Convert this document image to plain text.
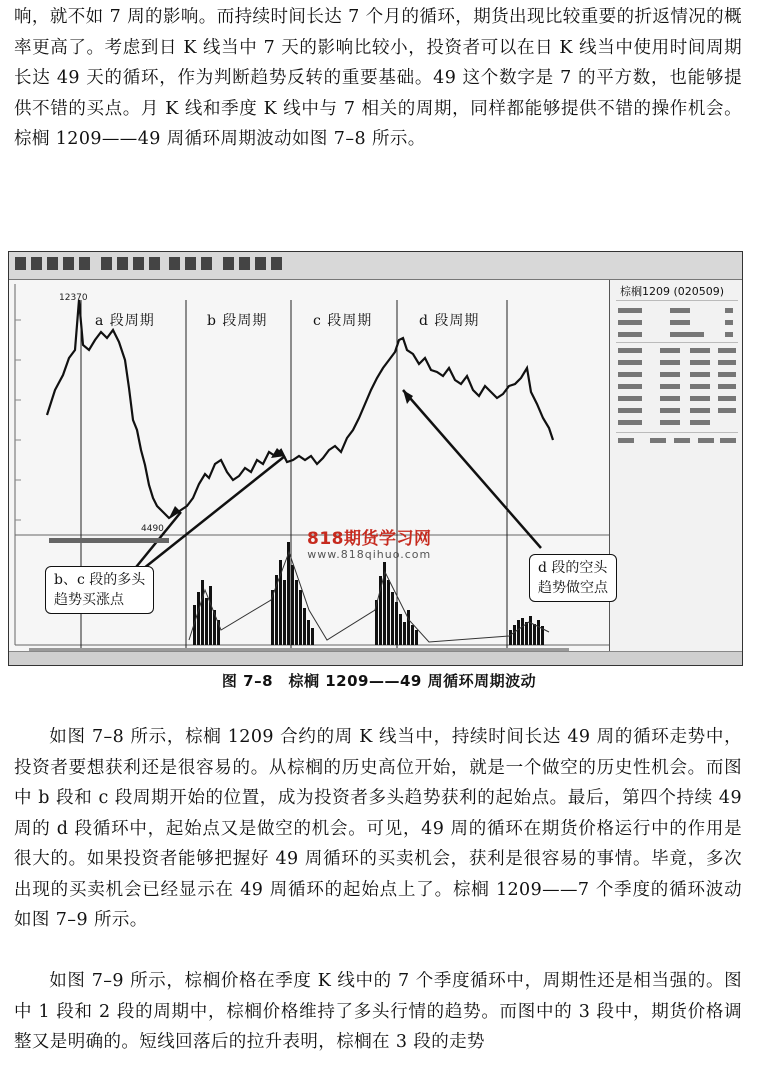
响，就不如 7 周的影响。而持续时间长达 7 个月的循环，期货出现比较重要的折返情况的概率更高了。考虑到日 K 线当中 7 天的影响比较小，投资者可以在日 K 线当中使用时间周期长达 49 天的循环，作为判断趋势反转的重要基础。49 这个数字是 7 的平方数，也能够提供不错的买点。月 K 线和季度 K 线中与 7 相关的周期，同样都能够提供不错的操作机会。棕榈 1209——49 周循环周期波动如图 7–8 所示。
12370
4490
棕榈1209 (020509)
a 段周期	b 段周期	c 段周期	d 段周期
818期货学习网
www.818qihuo.com
b、c 段的多头
趋势买涨点
d 段的空头
趋势做空点
图 7–8　棕榈 1209——49 周循环周期波动
如图 7–8 所示，棕榈 1209 合约的周 K 线当中，持续时间长达 49 周的循环走势中，投资者要想获利还是很容易的。从棕榈的历史高位开始，就是一个做空的历史性机会。而图中 b 段和 c 段周期开始的位置，成为投资者多头趋势获利的起始点。最后，第四个持续 49 周的 d 段循环中，起始点又是做空的机会。可见，49 周的循环在期货价格运行中的作用是很大的。如果投资者能够把握好 49 周循环的买卖机会，获利是很容易的事情。毕竟，多次出现的买卖机会已经显示在 49 周循环的起始点上了。棕榈 1209——7 个季度的循环波动如图 7–9 所示。
如图 7–9 所示，棕榈价格在季度 K 线中的 7 个季度循环中，周期性还是相当强的。图中 1 段和 2 段的周期中，棕榈价格维持了多头行情的趋势。而图中的 3 段中，期货价格调整又是明确的。短线回落后的拉升表明，棕榈在 3 段的走势
